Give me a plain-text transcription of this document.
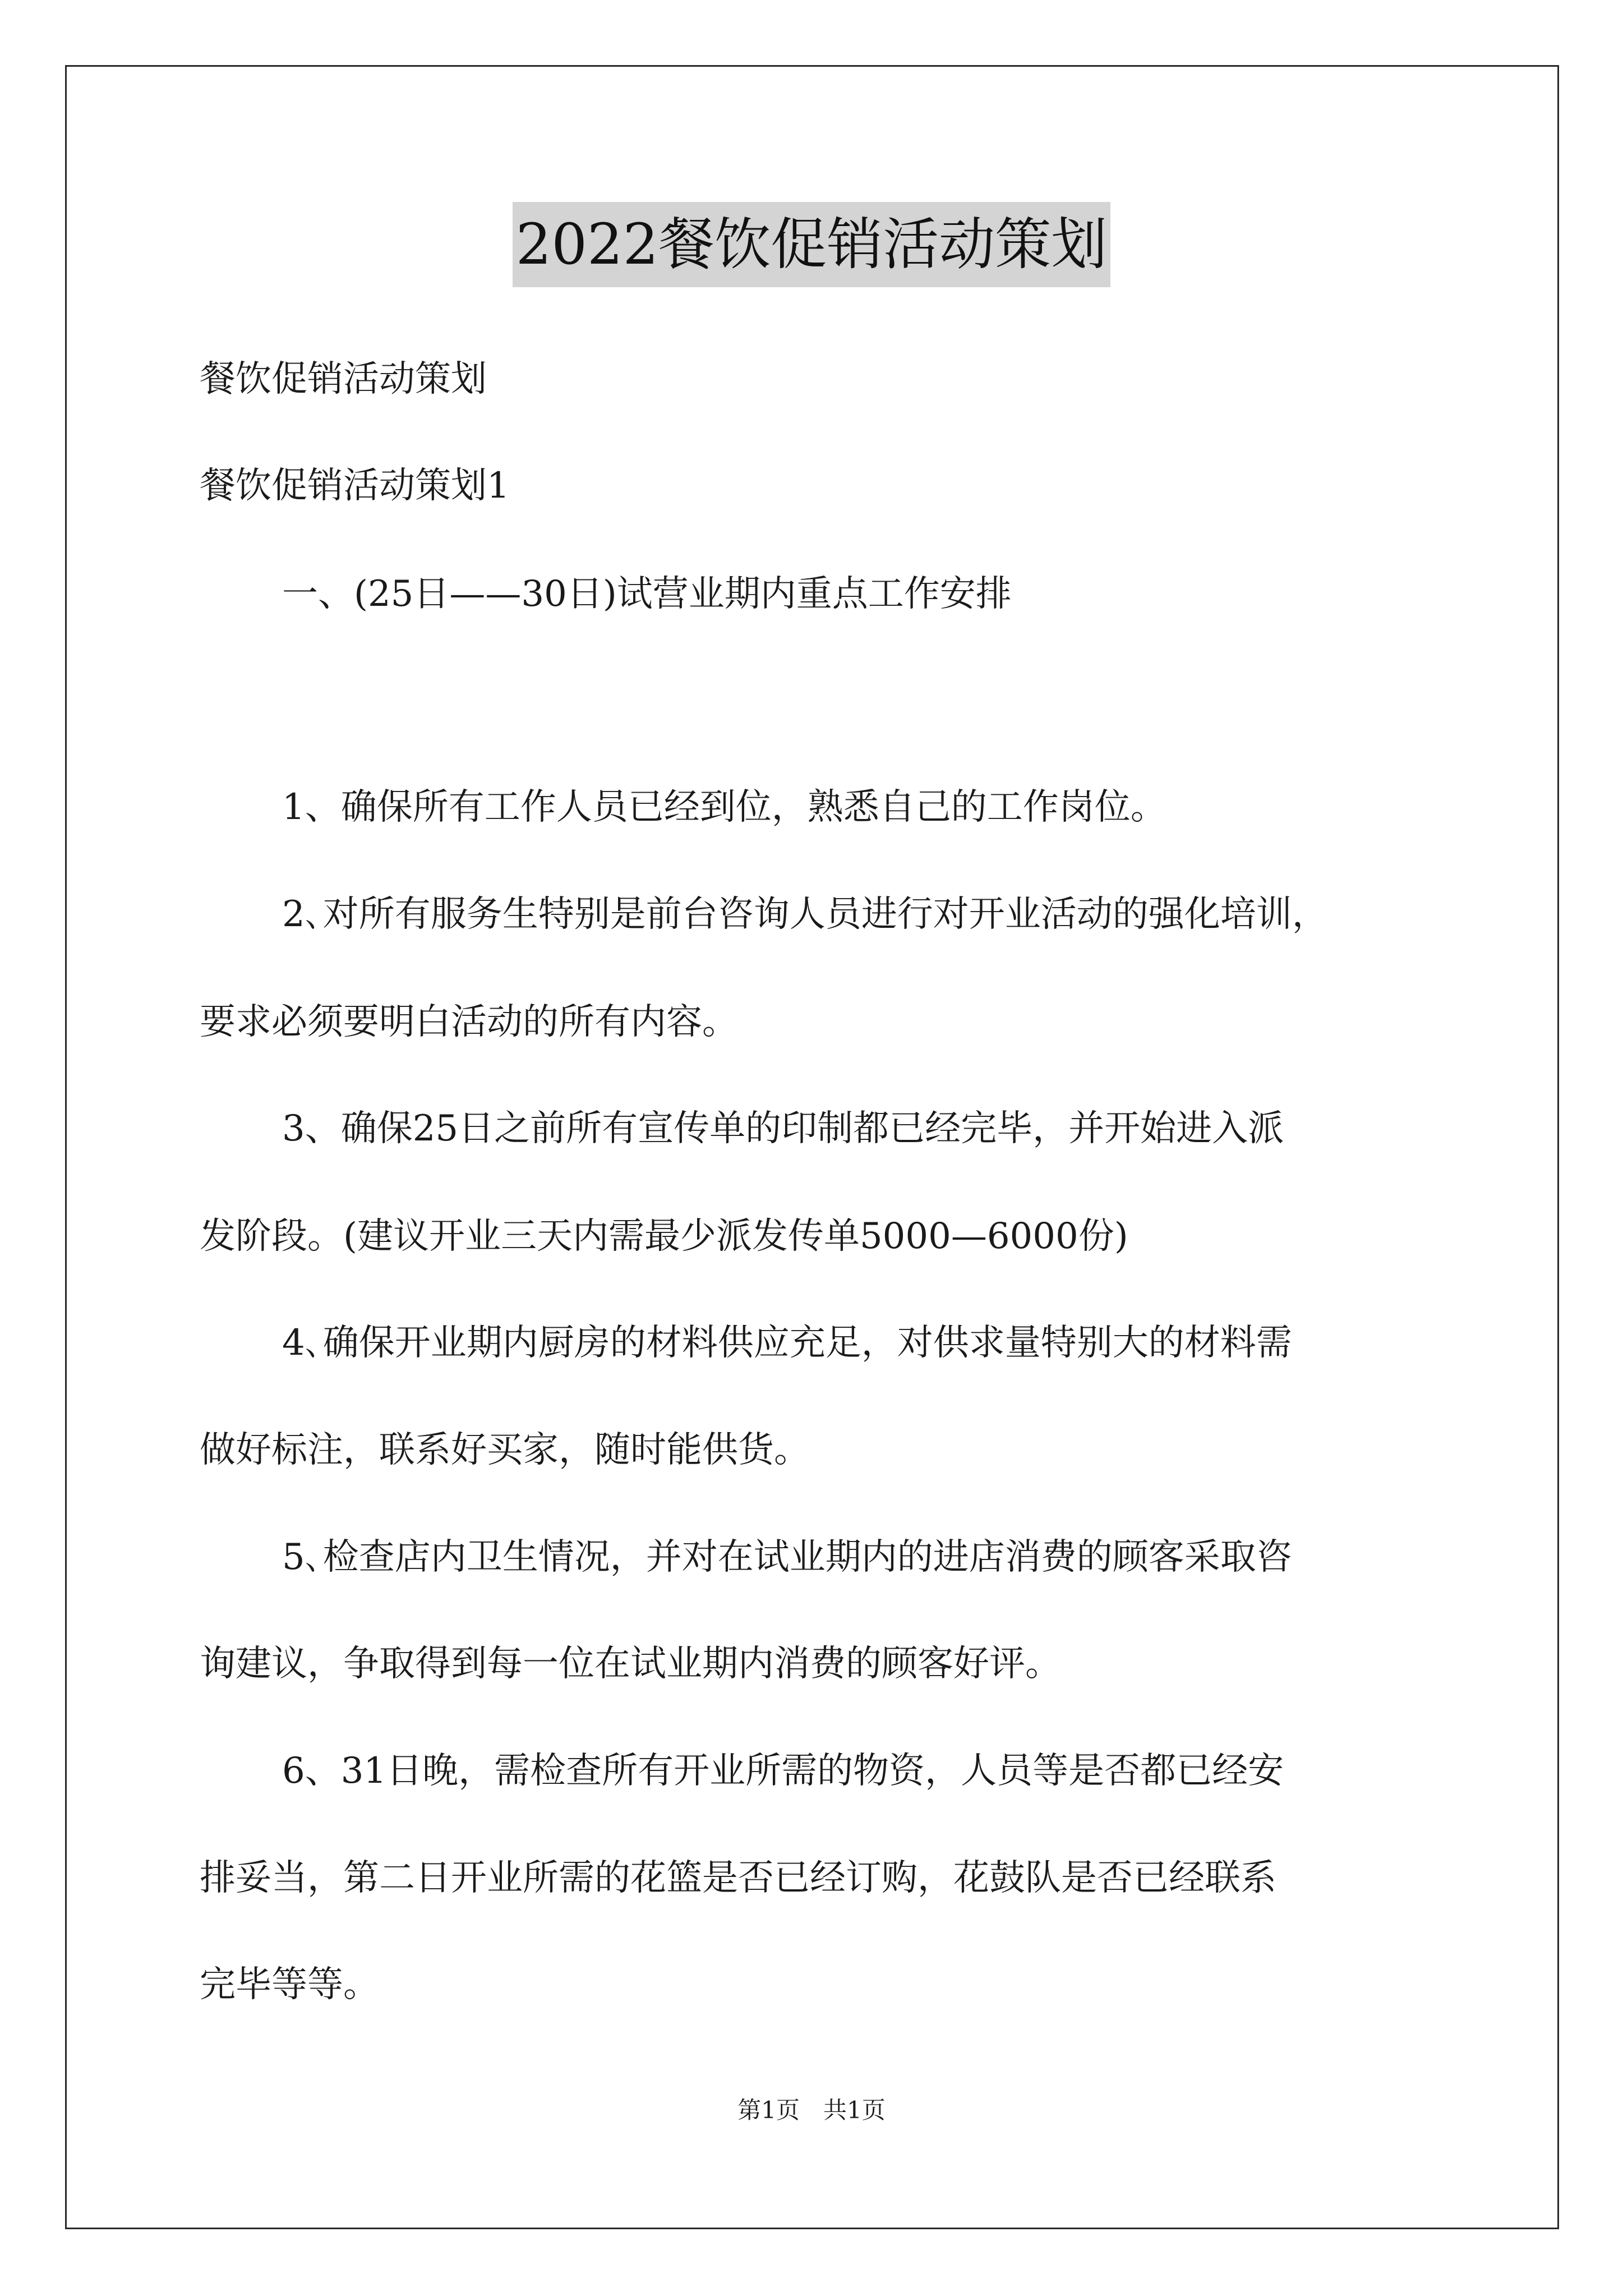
2022餐饮促销活动策划
餐饮促销活动策划
餐饮促销活动策划1
一、(25日——30日)试营业期内重点工作安排
1、确保所有工作人员已经到位，熟悉自己的工作岗位。
2､对所有服务生特别是前台咨询人员进行对开业活动的强化培训，
要求必须要明白活动的所有内容。
3、确保25日之前所有宣传单的印制都已经完毕，并开始进入派
发阶段。(建议开业三天内需最少派发传单5000—6000份)
4､确保开业期内厨房的材料供应充足，对供求量特别大的材料需
做好标注，联系好买家，随时能供货。
5､检查店内卫生情况，并对在试业期内的进店消费的顾客采取咨
询建议，争取得到每一位在试业期内消费的顾客好评。
6、31日晚，需检查所有开业所需的物资，人员等是否都已经安
排妥当，第二日开业所需的花篮是否已经订购，花鼓队是否已经联系
完毕等等。
第1页　共1页
